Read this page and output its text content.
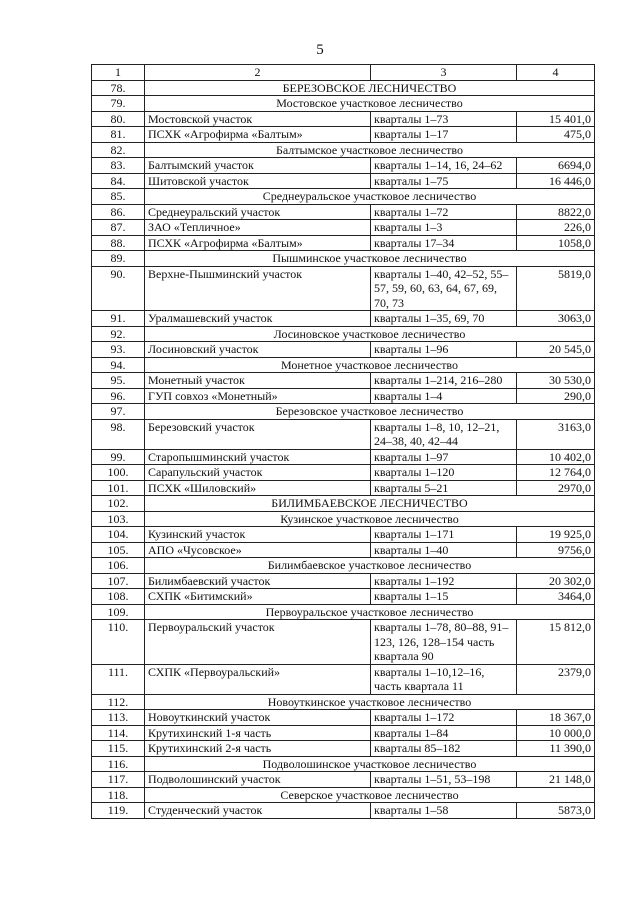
5
1	2	3	4
78.	БЕРЕЗОВСКОЕ ЛЕСНИЧЕСТВО		
79.	Мостовское участковое лесничество		
80.	Мостовской участок	кварталы 1–73	15 401,0
81.	ПСХК «Агрофирма «Балтым»	кварталы 1–17	475,0
82.	Балтымское участковое лесничество		
83.	Балтымский участок	кварталы 1–14, 16, 24–62	6694,0
84.	Шитовской участок	кварталы 1–75	16 446,0
85.	Среднеуральское участковое лесничество		
86.	Среднеуральский участок	кварталы 1–72	8822,0
87.	ЗАО «Тепличное»	кварталы 1–3	226,0
88.	ПСХК «Агрофирма «Балтым»	кварталы 17–34	1058,0
89.	Пышминское участковое лесничество		
90.	Верхне-Пышминский участок	кварталы 1–40, 42–52, 55–57, 59, 60, 63, 64, 67, 69, 70, 73	5819,0
91.	Уралмашевский участок	кварталы 1–35, 69, 70	3063,0
92.	Лосиновское участковое лесничество		
93.	Лосиновский участок	кварталы 1–96	20 545,0
94.	Монетное участковое лесничество		
95.	Монетный участок	кварталы 1–214, 216–280	30 530,0
96.	ГУП совхоз «Монетный»	кварталы 1–4	290,0
97.	Березовское участковое лесничество		
98.	Березовский участок	кварталы 1–8, 10, 12–21, 24–38, 40, 42–44	3163,0
99.	Старопышминский участок	кварталы 1–97	10 402,0
100.	Сарапульский участок	кварталы 1–120	12 764,0
101.	ПСХК «Шиловский»	кварталы 5–21	2970,0
102.	БИЛИМБАЕВСКОЕ ЛЕСНИЧЕСТВО		
103.	Кузинское участковое лесничество		
104.	Кузинский участок	кварталы 1–171	19 925,0
105.	АПО «Чусовское»	кварталы 1–40	9756,0
106.	Билимбаевское участковое лесничество		
107.	Билимбаевский участок	кварталы 1–192	20 302,0
108.	СХПК «Битимский»	кварталы 1–15	3464,0
109.	Первоуральское участковое лесничество		
110.	Первоуральский участок	кварталы 1–78, 80–88, 91–123, 126, 128–154 часть квартала 90	15 812,0
111.	СХПК «Первоуральский»	кварталы 1–10,12–16, часть квартала 11	2379,0
112.	Новоуткинское участковое лесничество		
113.	Новоуткинский участок	кварталы 1–172	18 367,0
114.	Крутихинский 1-я часть	кварталы 1–84	10 000,0
115.	Крутихинский 2-я часть	кварталы 85–182	11 390,0
116.	Подволошинское участковое лесничество		
117.	Подволошинский участок	кварталы 1–51, 53–198	21 148,0
118.	Северское участковое лесничество		
119.	Студенческий участок	кварталы 1–58	5873,0
